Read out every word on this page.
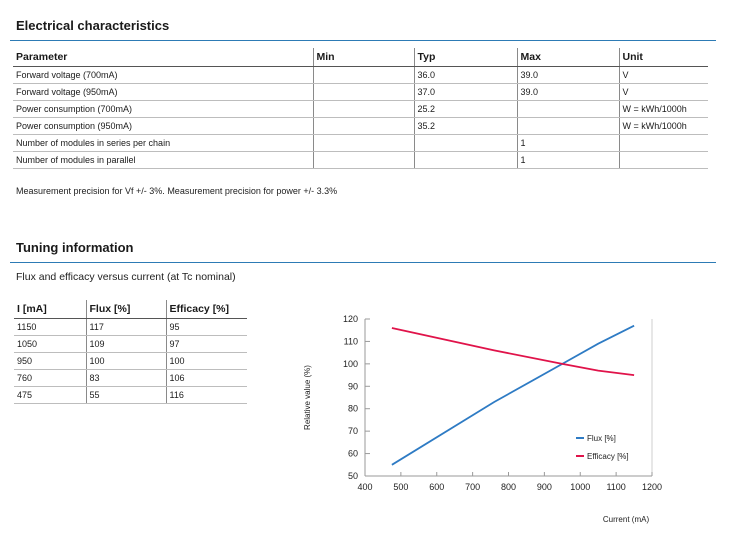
Electrical characteristics
Parameter	Min	Typ	Max	Unit
Forward voltage (700mA)		36.0	39.0	V
Forward voltage (950mA)		37.0	39.0	V
Power consumption (700mA)		25.2		W = kWh/1000h
Power consumption (950mA)		35.2		W = kWh/1000h
Number of modules in series per chain			1	
Number of modules in parallel			1	
Measurement precision for Vf +/- 3%. Measurement precision for power +/- 3.3%
Tuning information
Flux and efficacy versus current (at Tc nominal)
I [mA]	Flux [%]	Efficacy [%]
1150	117	95
1050	109	97
950	100	100
760	83	106
475	55	116
50
60
70
80
90
100
110
120
400 500 600 700 800 900 1000 1100 1200
Relative value (%)
Current (mA)
Flux [%]
Efficacy [%]
